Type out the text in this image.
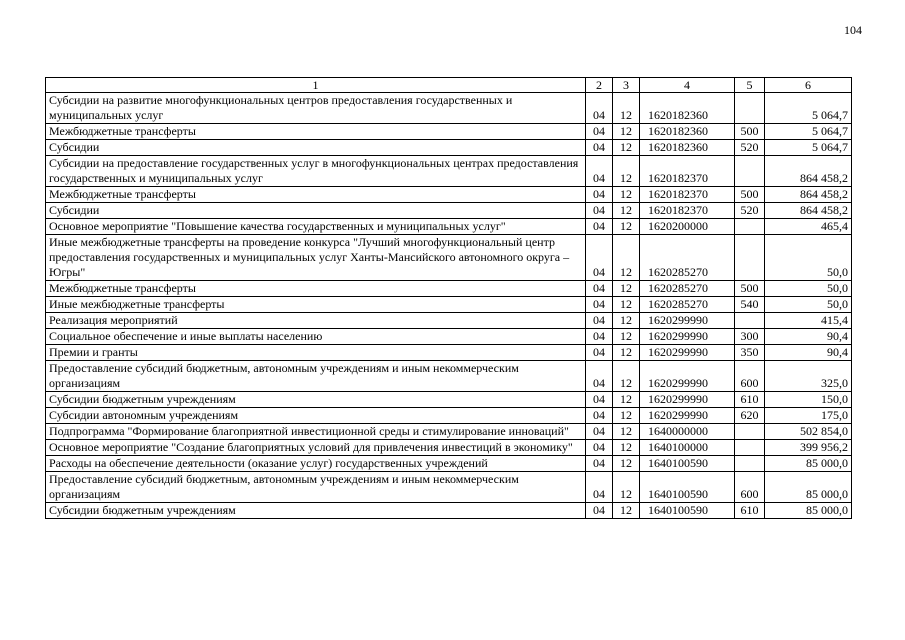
104
1	2	3	4	5	6
Субсидии на развитие многофункциональных центров предоставления государственных и муниципальных услуг	04	12	1620182360		5 064,7
Межбюджетные трансферты	04	12	1620182360	500	5 064,7
Субсидии	04	12	1620182360	520	5 064,7
Субсидии на предоставление государственных услуг в многофункциональных центрах предоставления государственных и муниципальных услуг	04	12	1620182370		864 458,2
Межбюджетные трансферты	04	12	1620182370	500	864 458,2
Субсидии	04	12	1620182370	520	864 458,2
Основное мероприятие "Повышение качества государственных и муниципальных услуг"	04	12	1620200000		465,4
Иные межбюджетные трансферты на проведение конкурса "Лучший многофункциональный центр предоставления государственных и муниципальных услуг Ханты-Мансийского автономного округа – Югры"	04	12	1620285270		50,0
Межбюджетные трансферты	04	12	1620285270	500	50,0
Иные межбюджетные трансферты	04	12	1620285270	540	50,0
Реализация мероприятий	04	12	1620299990		415,4
Социальное обеспечение и иные выплаты населению	04	12	1620299990	300	90,4
Премии и гранты	04	12	1620299990	350	90,4
Предоставление субсидий бюджетным, автономным учреждениям и иным некоммерческим организациям	04	12	1620299990	600	325,0
Субсидии бюджетным учреждениям	04	12	1620299990	610	150,0
Субсидии автономным учреждениям	04	12	1620299990	620	175,0
Подпрограмма "Формирование благоприятной инвестиционной среды и стимулирование инноваций"	04	12	1640000000		502 854,0
Основное мероприятие "Создание благоприятных условий для привлечения инвестиций в экономику"	04	12	1640100000		399 956,2
Расходы на обеспечение деятельности (оказание услуг) государственных учреждений	04	12	1640100590		85 000,0
Предоставление субсидий бюджетным, автономным учреждениям и иным некоммерческим организациям	04	12	1640100590	600	85 000,0
Субсидии бюджетным учреждениям	04	12	1640100590	610	85 000,0
